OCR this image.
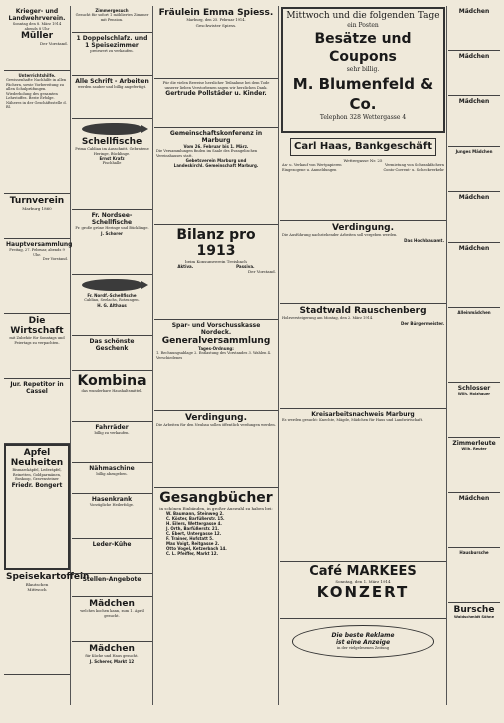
Krieger- und Landwehrverein.
Sonntag den 8. März 1914 abends 8 Uhr
Müller
Der Vorstand.
Unterrichtshilfe.
Gewissenhafte Nachhilfe in allen Fächern, sowie Vorbereitung zu allen Schulprüfungen. Wiederholung des gesamten Lehrstoffes. Beste Erfolge. Näheres in der Geschäftsstelle d. Bl.
Turnverein
Marburg 1860
Hauptversammlung
Freitag, 27. Februar, abends 9 Uhr.
Der Vorstand.
Die Wirtschaft
mit Zubehör für Sonntags und Feiertags zu verpachten.
Jur. Repetitor in Cassel
Apfel Neuheiten
Bismarckäpfel, Lederäpfel, Reinetten, Goldparmänen, Boskoop, Gravensteiner
Friedr. Bongert
Speisekartoffeln
Blautschen
Mittwoch
Zimmergesuch
Gesucht für sofort 1 möbliertes Zimmer mit Pension.
1 Doppelschlafz. und 1 Speisezimmer
preiswert zu verkaufen.
Alle Schrift - Arbeiten
werden sauber und billig angefertigt.
Schellfische
Prima Cabliau im Ausschnitt. Gebratene Heringe, Bücklinge.
Ernst Krafz
Fischhalle
Fr. Nordsee-Schellfische
Fr. große grüne Heringe und Bücklinge.
J. Schorer
Fr. Nordf.-Schellfische
Cabliau, Seelachs, Rotzungen.
H. G. Althaus
Das schönste Geschenk
Kombina
das wunderbare Haushaltsmittel.
Fahrräder
billig zu verkaufen.
Nähmaschine
billig abzugeben.
Hasenkrank
Vorzügliche Heilerfolge.
Leder-Kühe
Stellen-Angebote
Mädchen
welches kochen kann, zum 1. April gesucht.
Mädchen
für Küche und Haus gesucht.
J. Scherer, Markt 12
Fräulein Emma Spiess.
Marburg, den 25. Februar 1914.
Geschwister Spiess.
Für die vielen Beweise herzlicher Teilnahme bei dem Tode unserer lieben Verstorbenen sagen wir herzlichen Dank.
Gertrude Pollstäder u. Kinder.
Gemeinschaftskonferenz in Marburg
Vom 26. Februar bis 1. März.
Die Versammlungen finden im Saale des Evangelischen Vereinshauses statt.
Gebetsverein Marburg und
Landeskirchl. Gemeinschaft Marburg.
Bilanz pro 1913
beim Konsumverein Treisbach
Aktiva.	Passiva.
Der Vorstand.
Spar- und Vorschusskasse Nordeck.
Generalversammlung
Tages-Ordnung:
1. Rechnungsablage 2. Entlastung des Vorstandes 3. Wahlen 4. Verschiedenes
Verdingung.
Die Arbeiten für den Neubau sollen öffentlich verdungen werden.
Gesangbücher
in schönen Einbänden, in großer Auswahl zu haben bei:
W. Baumann, Steinweg 2.
C. Köster, Barfüßerstr. 15.
H. Eilers, Wettergasse 4.
J. Orth, Barfüßerstr. 21.
C. Ebert, Untergasse 12.
F. Trainer, Hofstatt 5.
Max Voigt, Reitgasse 2.
Otto Vogel, Ketzerbach 14.
C. L. Pfeiffer, Markt 12.
Mittwoch und die folgenden Tage
ein Posten
Besätze und Coupons
sehr billig.
M. Blumenfeld & Co.
Telephon 328 Wettergasse 4
Carl Haas, Bankgeschäft
Wettergasse Nr. 25
An- u. Verkauf von Wertpapieren	Vermietung von Schrankfächern
Eingezogene u. Anmeldungen	Conto-Corrent- u. Scheckverkehr
Verdingung.
Die Ausführung nachstehender Arbeiten soll vergeben werden.
Das Hochbauamt.
Stadtwald Rauschenberg
Holzversteigerung am Montag, den 2. März 1914.
Der Bürgermeister.
Kreisarbeitsnachweis Marburg
Es werden gesucht: Knechte, Mägde, Mädchen für Haus und Landwirtschaft.
Café MARKEES
Sonntag, den 1. März 1914
KONZERT
Die beste Reklame
ist eine Anzeige
in der vielgelesenen Zeitung
Mädchen
Mädchen
Mädchen
Junges Mädchen
Mädchen
Mädchen
Alleinmädchen
Schlosser
Wilh. Holzhauer
Zimmerleute
Wilh. Reuter
Mädchen
Hausbursche
Bursche
Waldschmidt Söhne
